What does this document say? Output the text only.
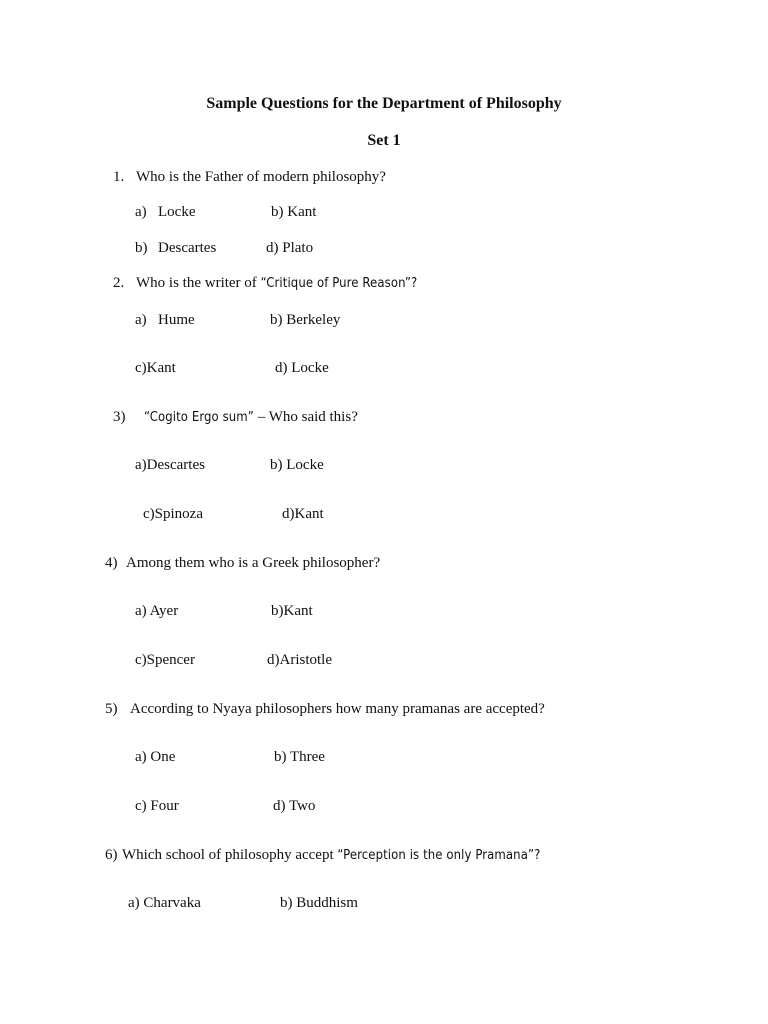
Sample Questions for the Department of Philosophy
Set 1
1. Who is the Father of modern philosophy?
a) Locke	b) Kant
b) Descartes	d) Plato
2. Who is the writer of “Critique of Pure Reason”?
a) Hume	b) Berkeley
c)Kant	d) Locke
3) “Cogito Ergo sum” – Who said this?
a)Descartes	b) Locke
c)Spinoza	d)Kant
4) Among them who is a Greek philosopher?
a) Ayer	b)Kant
c)Spencer	d)Aristotle
5) According to Nyaya philosophers how many pramanas are accepted?
a) One	b) Three
c) Four	d) Two
6) Which school of philosophy accept “Perception is the only Pramana”?
a) Charvaka	b) Buddhism
